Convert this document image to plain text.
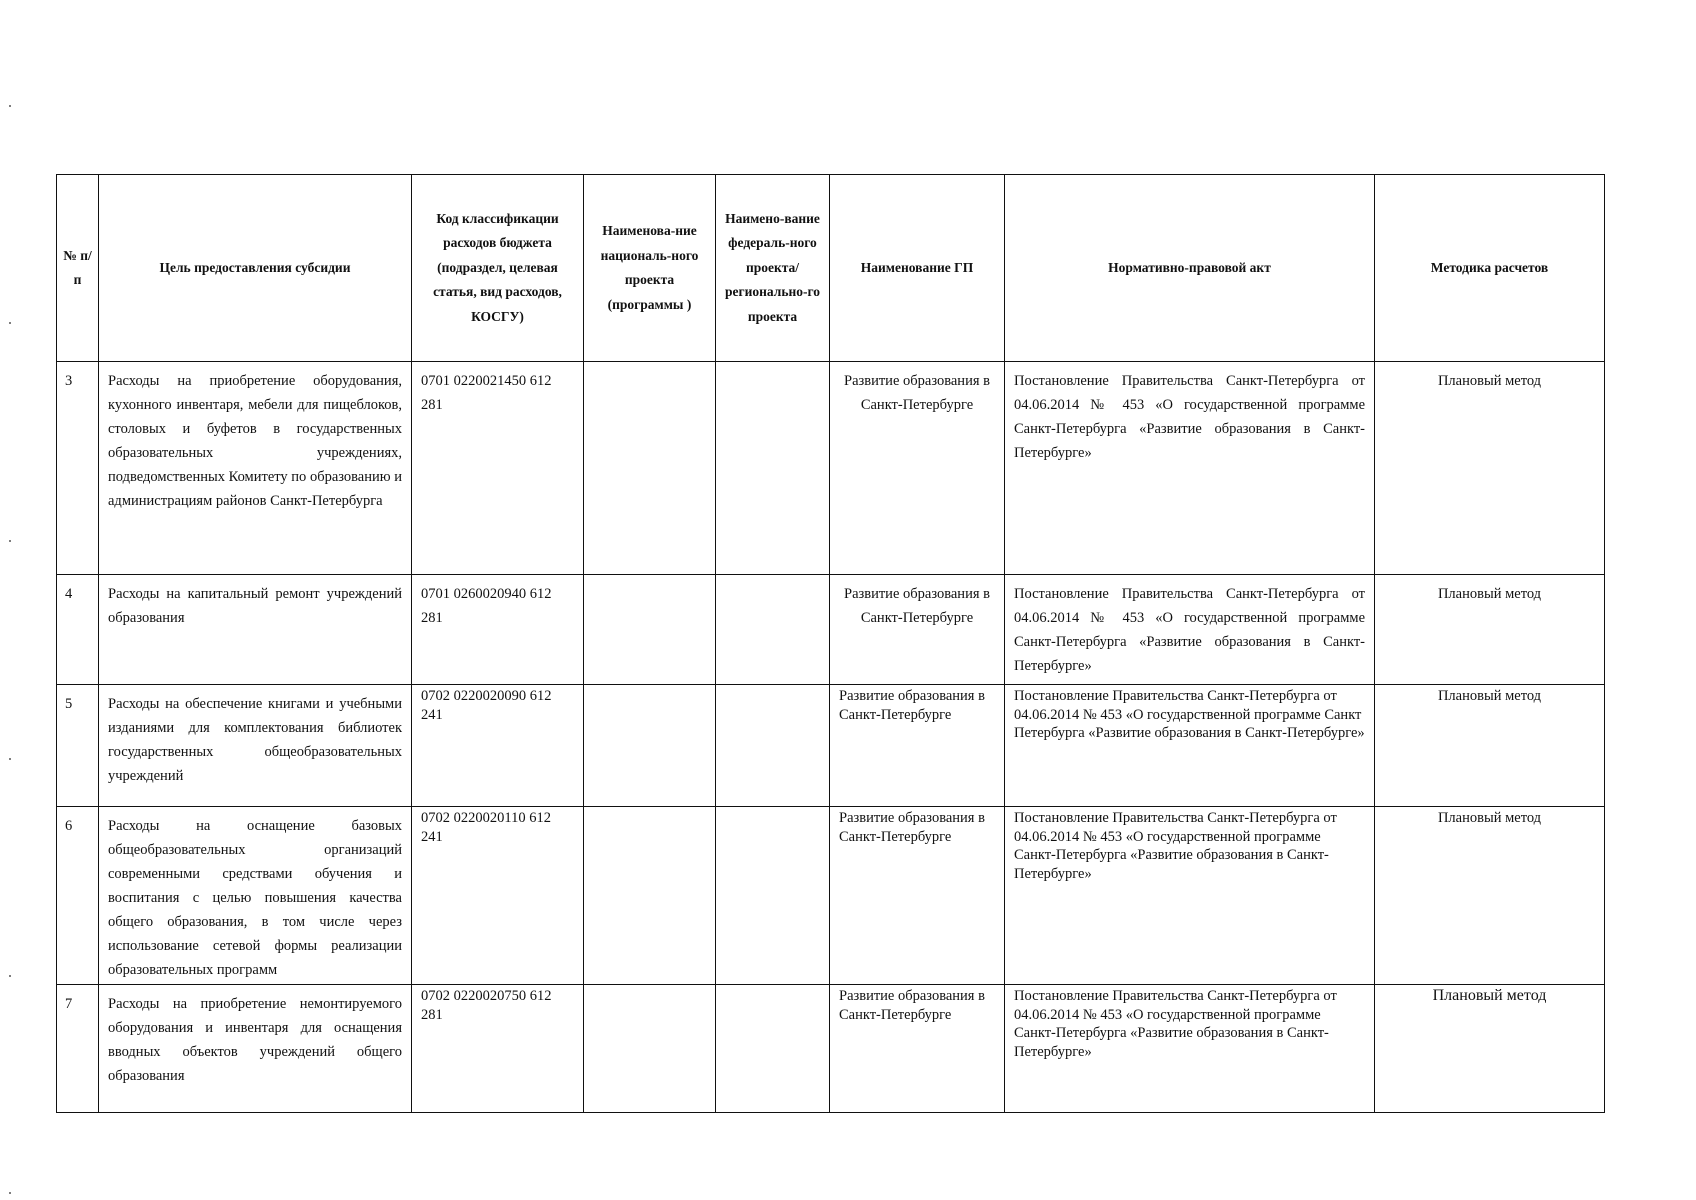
№ п/п	Цель предоставления субсидии	Код классификации расходов бюджета (подраздел, целевая статья, вид расходов, КОСГУ)	Наименова-ние националь-ного проекта (программы )	Наимено-вание федераль-ного проекта/ регионально-го проекта	Наименование ГП	Нормативно-правовой акт	Методика расчетов
3	Расходы на приобретение оборудования, кухонного инвентаря, мебели для пищеблоков, столовых и буфетов в государственных образовательных учреждениях, подведомственных Комитету по образованию и администрациям районов Санкт-Петербурга	0701 0220021450 612 281			Развитие образования в Санкт-Петербурге	Постановление Правительства Санкт-Петербурга от 04.06.2014 № 453 «О государственной программе Санкт-Петербурга «Развитие образования в Санкт-Петербурге»	Плановый метод
4	Расходы на капитальный ремонт учреждений образования	0701 0260020940 612 281			Развитие образования в Санкт-Петербурге	Постановление Правительства Санкт-Петербурга от 04.06.2014 № 453 «О государственной программе Санкт-Петербурга «Развитие образования в Санкт-Петербурге»	Плановый метод
5	Расходы на обеспечение книгами и учебными изданиями для комплектования библиотек государственных общеобразовательных учреждений	0702 0220020090 612 241			Развитие образования в Санкт-Петербурге	Постановление Правительства Санкт-Петербурга от 04.06.2014 № 453 «О государственной программе Санкт Петербурга «Развитие образования в Санкт-Петербурге»	Плановый метод
6	Расходы на оснащение базовых общеобразовательных организаций современными средствами обучения и воспитания с целью повышения качества общего образования, в том числе через использование сетевой формы реализации образовательных программ	0702 0220020110 612 241			Развитие образования в Санкт-Петербурге	Постановление Правительства Санкт-Петербурга от 04.06.2014 № 453 «О государственной программе Санкт-Петербурга «Развитие образования в Санкт-Петербурге»	Плановый метод
7	Расходы на приобретение немонтируемого оборудования и инвентаря для оснащения вводных объектов учреждений общего образования	0702 0220020750 612 281			Развитие образования в Санкт-Петербурге	Постановление Правительства Санкт-Петербурга от 04.06.2014 № 453 «О государственной программе Санкт-Петербурга «Развитие образования в Санкт-Петербурге»	Плановый метод
